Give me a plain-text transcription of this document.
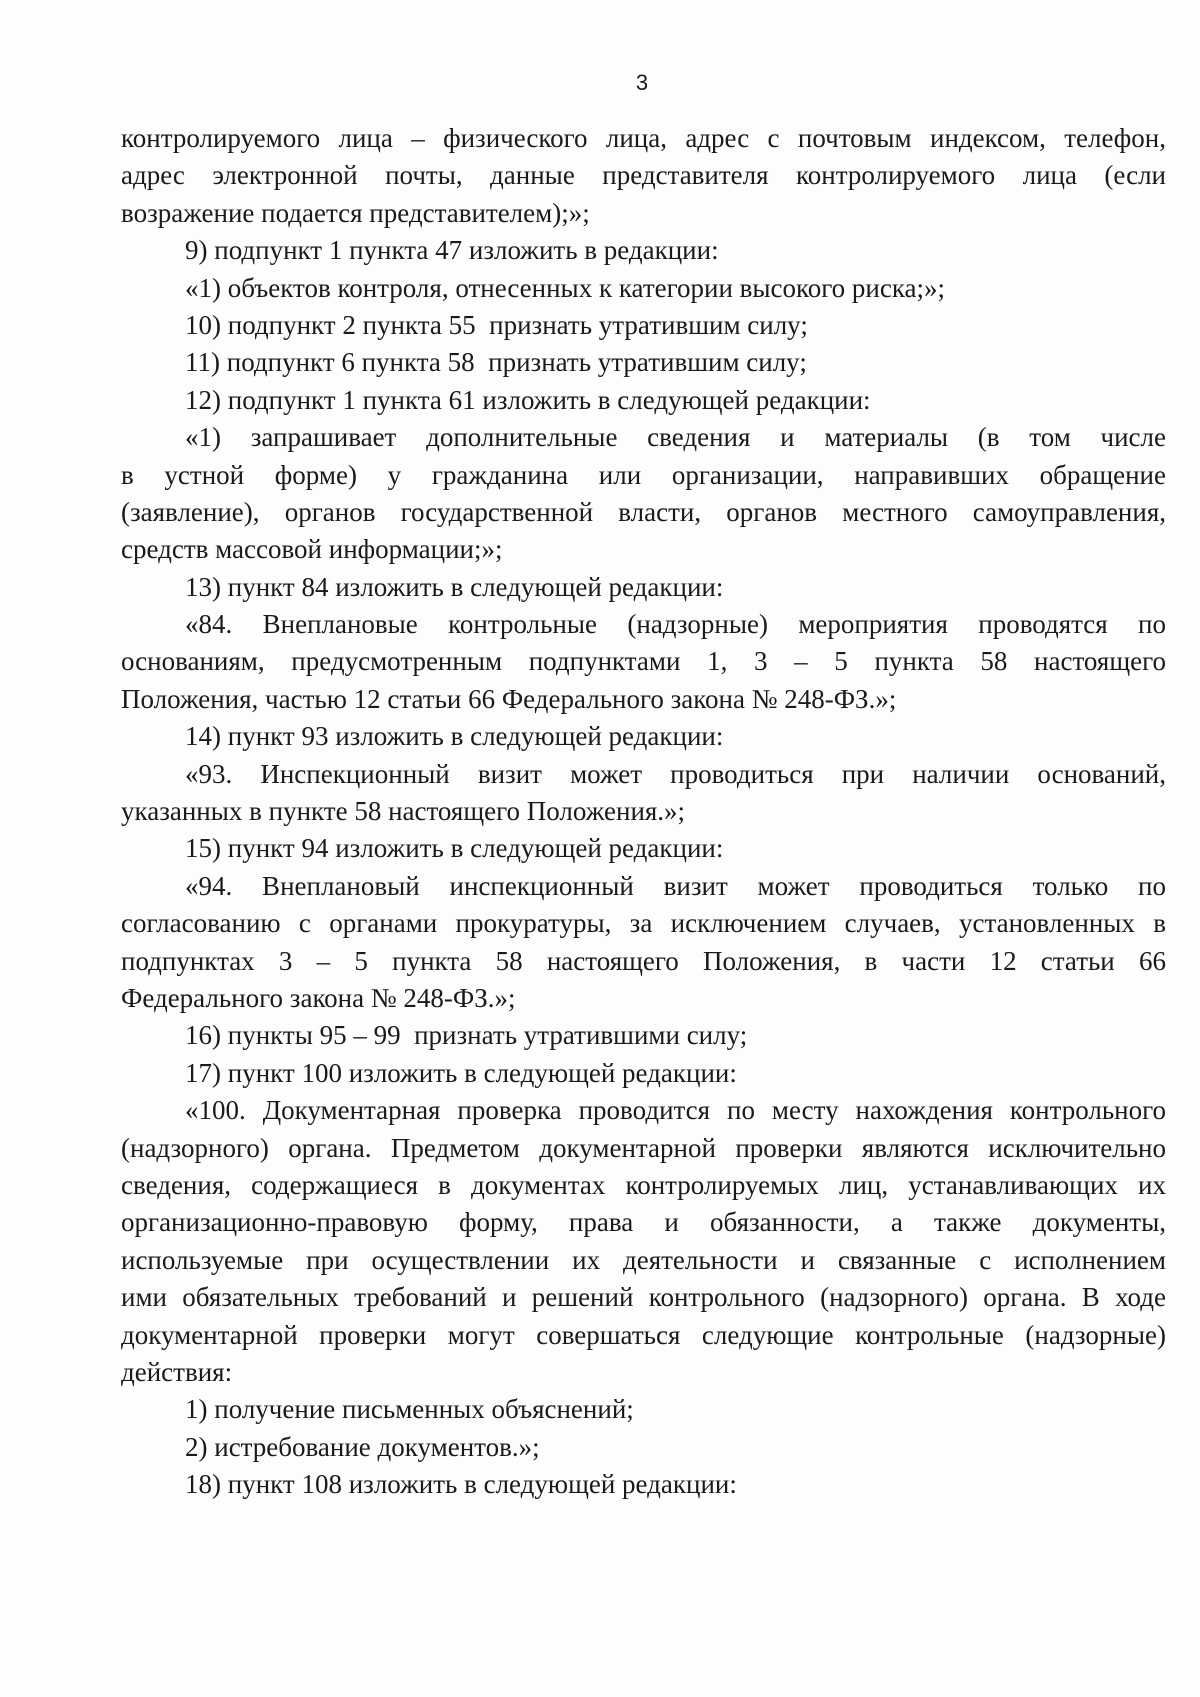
3
контролируемого лица – физического лица, адрес с почтовым индексом, телефон,
адрес электронной почты, данные представителя контролируемого лица (если
возражение подается представителем);»;
9) подпункт 1 пункта 47 изложить в редакции:
«1) объектов контроля, отнесенных к категории высокого риска;»;
10) подпункт 2 пункта 55  признать утратившим силу;
11) подпункт 6 пункта 58  признать утратившим силу;
12) подпункт 1 пункта 61 изложить в следующей редакции:
«1) запрашивает дополнительные сведения и материалы (в том числе
в устной форме) у гражданина или организации, направивших обращение
(заявление), органов государственной власти, органов местного самоуправления,
средств массовой информации;»;
13) пункт 84 изложить в следующей редакции:
«84. Внеплановые контрольные (надзорные) мероприятия проводятся по
основаниям, предусмотренным подпунктами 1, 3 – 5 пункта 58 настоящего
Положения, частью 12 статьи 66 Федерального закона № 248-ФЗ.»;
14) пункт 93 изложить в следующей редакции:
«93. Инспекционный визит может проводиться при наличии оснований,
указанных в пункте 58 настоящего Положения.»;
15) пункт 94 изложить в следующей редакции:
«94. Внеплановый инспекционный визит может проводиться только по
согласованию с органами прокуратуры, за исключением случаев, установленных в
подпунктах 3 – 5 пункта 58 настоящего Положения, в части 12 статьи 66
Федерального закона № 248-ФЗ.»;
16) пункты 95 – 99  признать утратившими силу;
17) пункт 100 изложить в следующей редакции:
«100. Документарная проверка проводится по месту нахождения контрольного
(надзорного) органа. Предметом документарной проверки являются исключительно
сведения, содержащиеся в документах контролируемых лиц, устанавливающих их
организационно-правовую форму, права и обязанности, а также документы,
используемые при осуществлении их деятельности и связанные с исполнением
ими обязательных требований и решений контрольного (надзорного) органа. В ходе
документарной проверки могут совершаться следующие контрольные (надзорные)
действия:
1) получение письменных объяснений;
2) истребование документов.»;
18) пункт 108 изложить в следующей редакции:
